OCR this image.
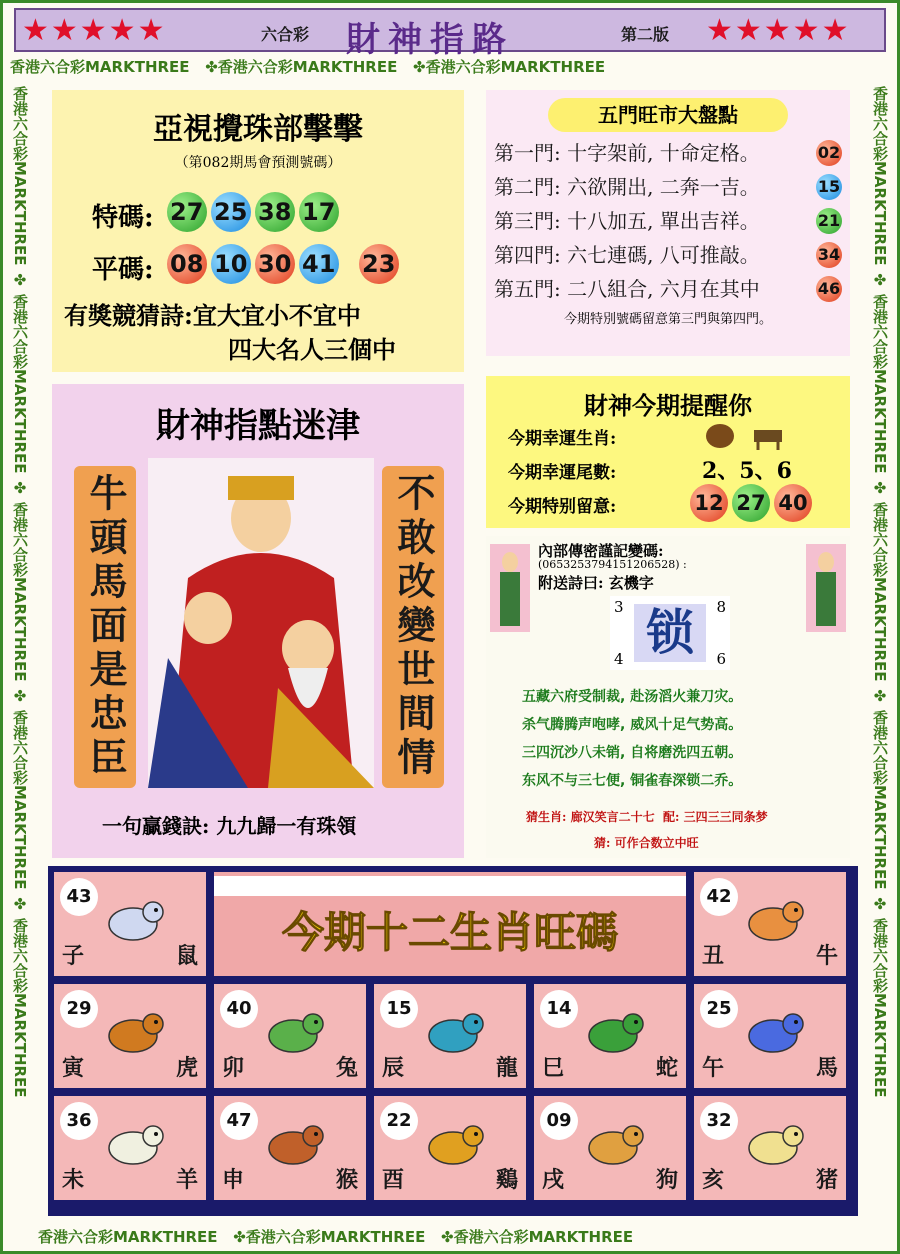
★★★★★	六合彩 財神指路	第二版 ★★★★★
香港六合彩MARKTHREE   ✤香港六合彩MARKTHREE   ✤香港六合彩MARKTHREE
香港六合彩MARKTHREE   ✤香港六合彩MARKTHREE   ✤香港六合彩MARKTHREE
香港六合彩MARKTHREE ✤ 香港六合彩MARKTHREE ✤ 香港六合彩MARKTHREE ✤ 香港六合彩MARKTHREE ✤ 香港六合彩MARKTHREE
香港六合彩MARKTHREE ✤ 香港六合彩MARKTHREE ✤ 香港六合彩MARKTHREE ✤ 香港六合彩MARKTHREE ✤ 香港六合彩MARKTHREE
亞視攪珠部擊擊
（第082期馬會預測號碼）
特碼: 27 25 38 17
平碼: 08 10 30 41 23
有獎競猜詩:宜大宜小不宜中
四大名人三個中
五門旺市大盤點
第一門: 十字架前, 十命定格。	02
第二門: 六欲開出, 二奔一吉。	15
第三門: 十八加五, 單出吉祥。	21
第四門: 六七連碼, 八可推敲。	34
第五門: 二八組合, 六月在其中	46
今期特別號碼留意第三門與第四門。
財神指點迷津
牛頭馬面是忠臣	不敢改變世間情
一句贏錢訣: 九九歸一有珠領
財神今期提醒你
今期幸運生肖:
今期幸運尾數:	2、5、6
今期特别留意:	12 27 40
內部傳密謹記變碼:
(06532537941512065​28) :
附送詩曰: 玄機字
3	8
4	6
锁
五藏六府受制裁, 赴汤滔火兼刀灾。
杀气腾腾声咆哮, 威风十足气势高。
三四沉沙八未销, 自将磨洗四五朝。
东风不与三七便, 铜雀春深锁二乔。
猜生肖: 廊汉笑言二十七 配: 三四三三同条梦
猜: 可作合数立中旺
今期十二生肖旺碼
43
子	鼠
42
丑	牛
29
寅	虎
40
卯	兔
15
辰	龍
14
巳	蛇
25
午	馬
36
未	羊
47
申	猴
22
酉	鷄
09
戌	狗
32
亥	猪
